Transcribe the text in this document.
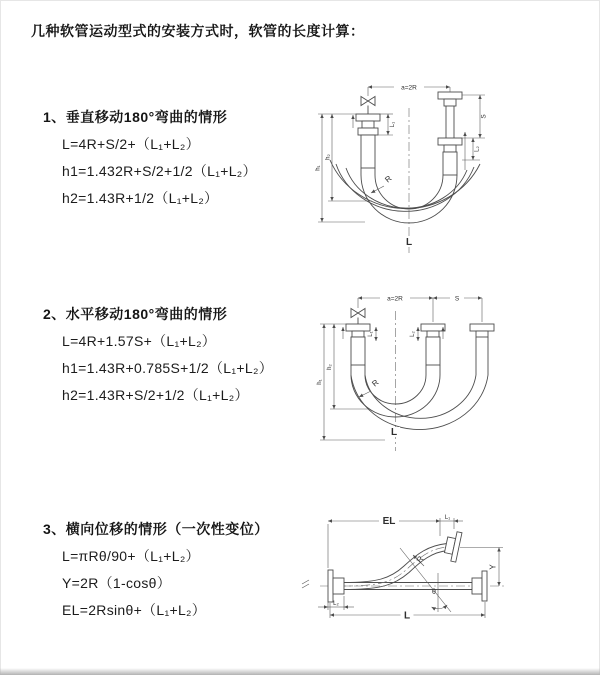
几种软管运动型式的安装方式时，软管的长度计算：
1、垂直移动180°弯曲的情形
L=4R+S/2+（L₁+L₂）
h1=1.432R+S/2+1/2（L₁+L₂）
h2=1.43R+1/2（L₁+L₂）
2、水平移动180°弯曲的情形
L=4R+1.57S+（L₁+L₂）
h1=1.43R+0.785S+1/2（L₁+L₂）
h2=1.43R+S/2+1/2（L₁+L₂）
3、横向位移的情形（一次性变位）
L=πRθ/90+（L₁+L₂）
Y=2R（1-cosθ）
EL=2Rsinθ+（L₁+L₂）
a=2R
S
L₂
L₁
h₂
h₁
R
L
a=2R	S
L₁	L₂
h₂
h₁	R
L
EL	L₁
Y
R
θ
L
L₂
